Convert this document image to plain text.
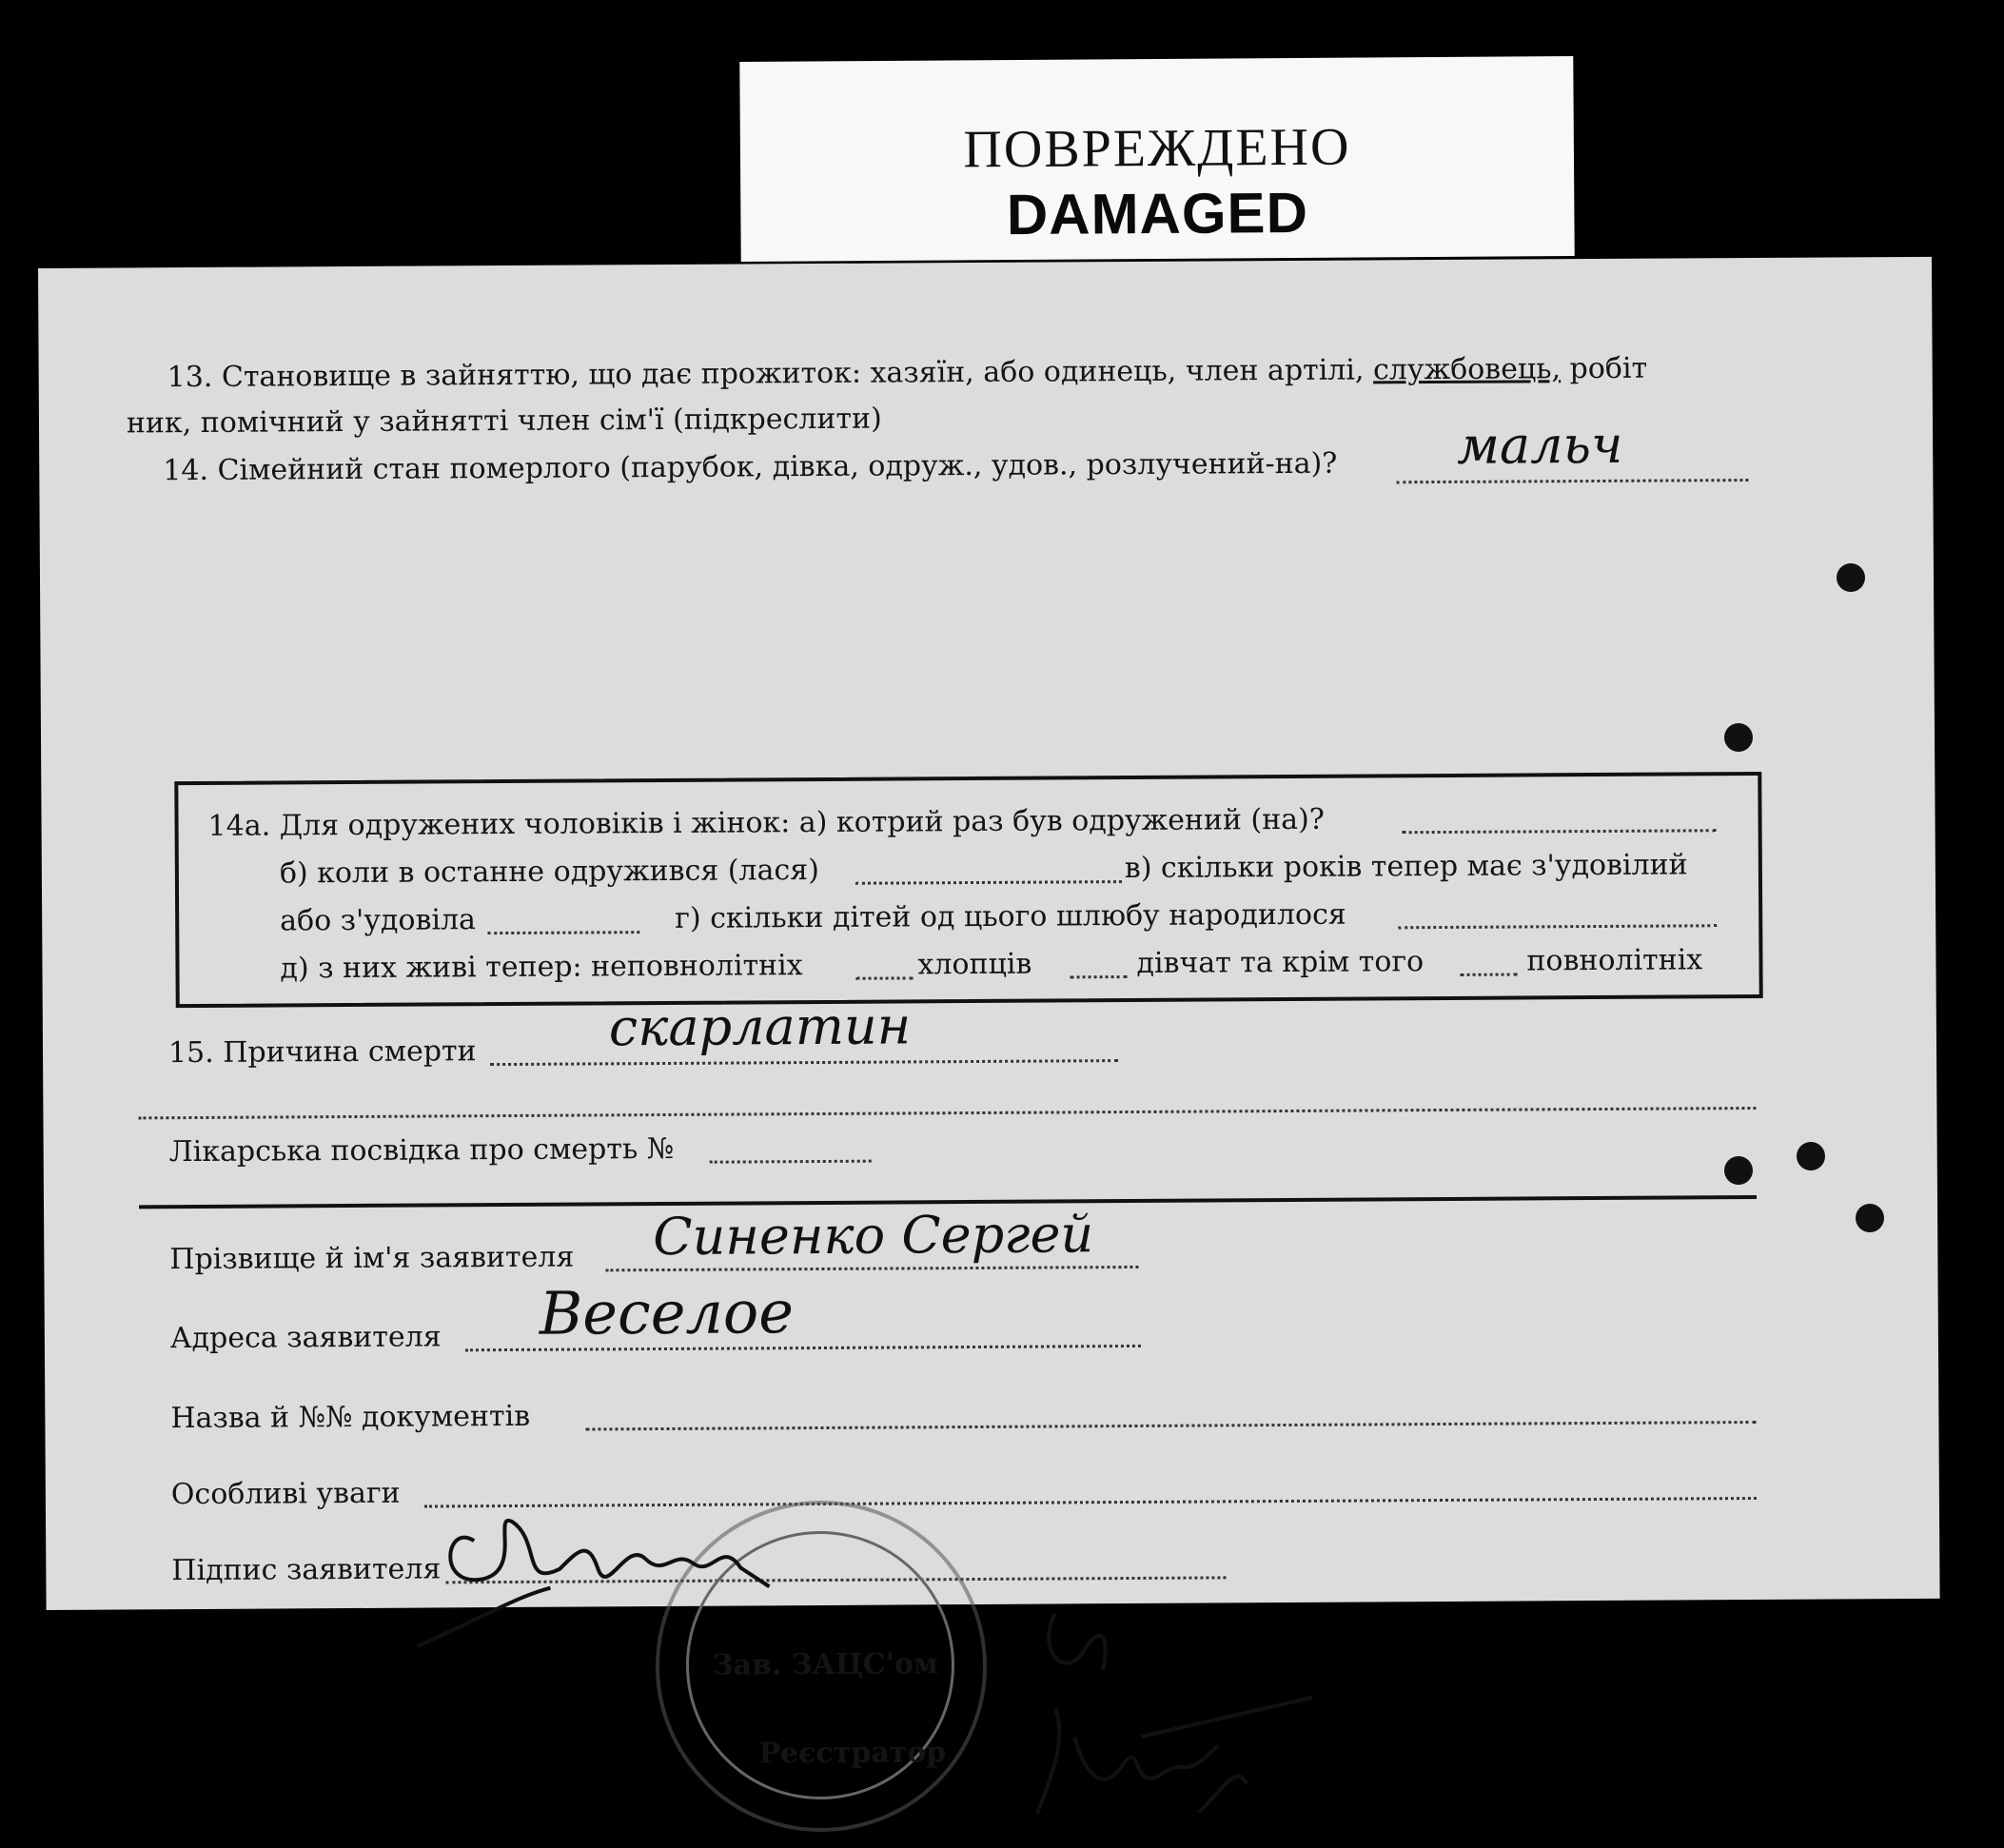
ПОВРЕЖДЕНО
DAMAGED
13. Становище в зайняттю, що дає прожиток: хазяїн, або одинець, член артілі, службовець, робіт
ник, помічний у зайнятті член сім'ї (підкреслити)
14. Сімейний стан померлого (парубок, дівка, одруж., удов., розлучений-на)? мальч
14а. Для одружених чоловіків і жінок: а) котрий раз був одружений (на)?
б) коли в останне одружився (лася)	в) скільки років тепер має з'удовілий
або з'удовіла	г) скільки дітей од цього шлюбу народилося
д) з них живі тепер: неповнолітніх	хлопців	дівчат та крім того	повнолітніх
15. Причина смерти	скарлатин
Лікарська посвідка про смерть №
Прізвище й ім'я заявителя Синенко Сергей
Адреса заявителя Веселое
Назва й №№ документів
Особливі уваги
Підпис заявителя
Зав. ЗАЦС'ом
Реєстратор
